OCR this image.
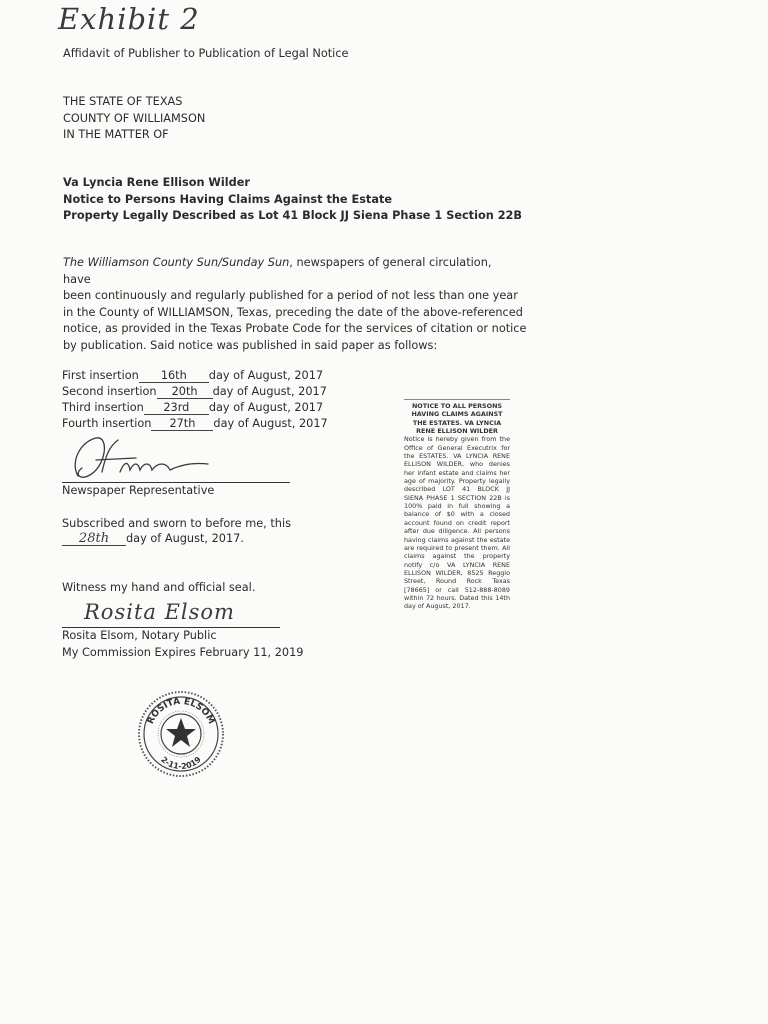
Exhibit 2
Affidavit of Publisher to Publication of Legal Notice
THE STATE OF TEXAS
COUNTY OF WILLIAMSON
IN THE MATTER OF
Va Lyncia Rene Ellison Wilder
Notice to Persons Having Claims Against the Estate
Property Legally Described as Lot 41 Block JJ Siena Phase 1 Section 22B
The Williamson County Sun/Sunday Sun, newspapers of general circulation, have
been continuously and regularly published for a period of not less than one year
in the County of WILLIAMSON, Texas, preceding the date of the above-referenced
notice, as provided in the Texas Probate Code for the services of citation or notice
by publication. Said notice was published in said paper as follows:
First insertion 16th day of August, 2017
Second insertion 20th day of August, 2017
Third insertion 23rd day of August, 2017
Fourth insertion 27th day of August, 2017
Newspaper Representative
Subscribed and sworn to before me, this
28th day of August, 2017.
Witness my hand and official seal.
Rosita Elsom
Rosita Elsom, Notary Public
My Commission Expires February 11, 2019
ROSITA ELSOM
2-11-2019
NOTICE TO ALL PERSONS HAVING CLAIMS AGAINST THE ESTATES. VA LYNCIA RENE ELLISON WILDER
Notice is hereby given from the Office of General Executrix for the ESTATES. VA LYNCIA RENE ELLISON WILDER, who denies her infant estate and claims her age of majority. Property legally described LOT 41 BLOCK JJ SIENA PHASE 1 SECTION 22B is 100% paid in full showing a balance of $0 with a closed account found on credit report after due diligence. All persons having claims against the estate are required to present them. All claims against the property notify c/o VA LYNCIA RENE ELLISON WILDER, 8525 Reggio Street, Round Rock Texas [78665] or call 512-888-8089 within 72 hours. Dated this 14th day of August, 2017.
